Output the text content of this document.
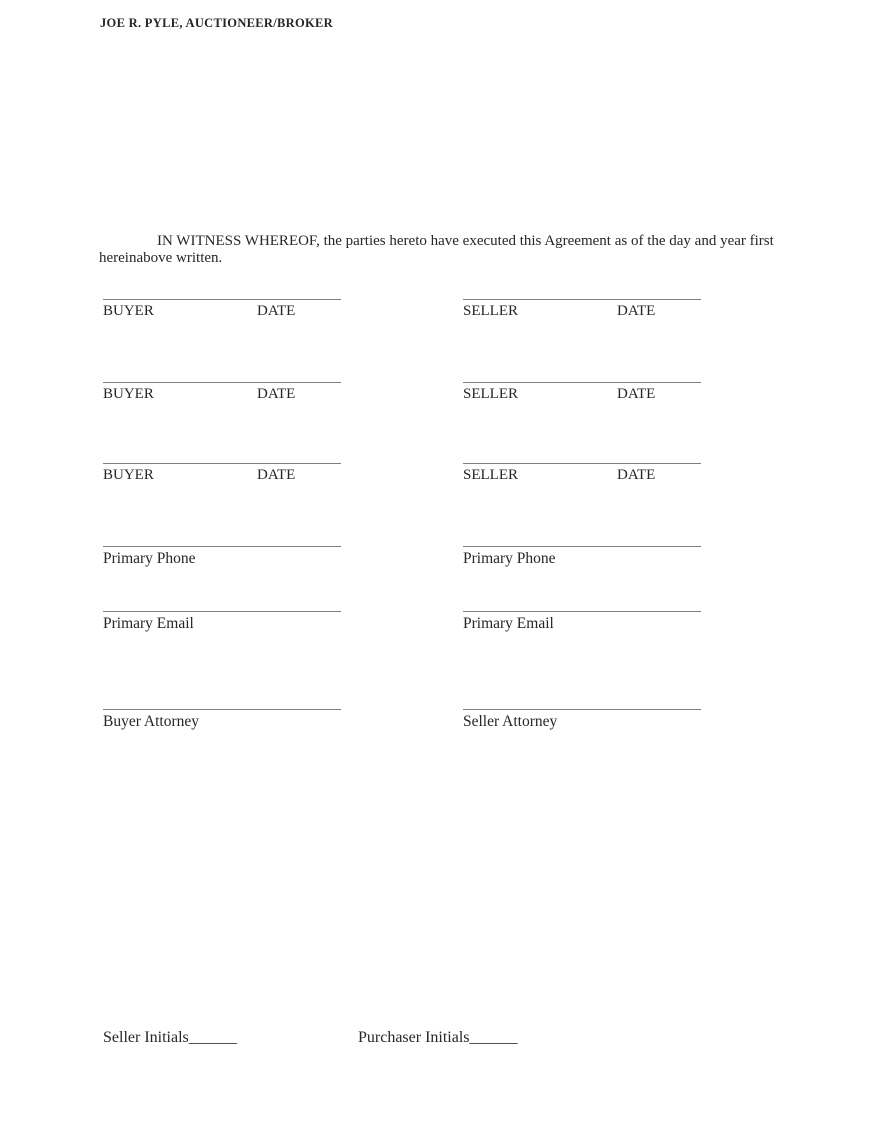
JOE R. PYLE, AUCTIONEER/BROKER

IN WITNESS WHEREOF, the parties hereto have executed this Agreement as of the day and year first hereinabove written.

BUYER	DATE	SELLER	DATE
BUYER	DATE	SELLER	DATE
BUYER	DATE	SELLER	DATE
Primary Phone	Primary Phone
Primary Email	Primary Email
Buyer Attorney	Seller Attorney
Seller Initials______	Purchaser Initials______
